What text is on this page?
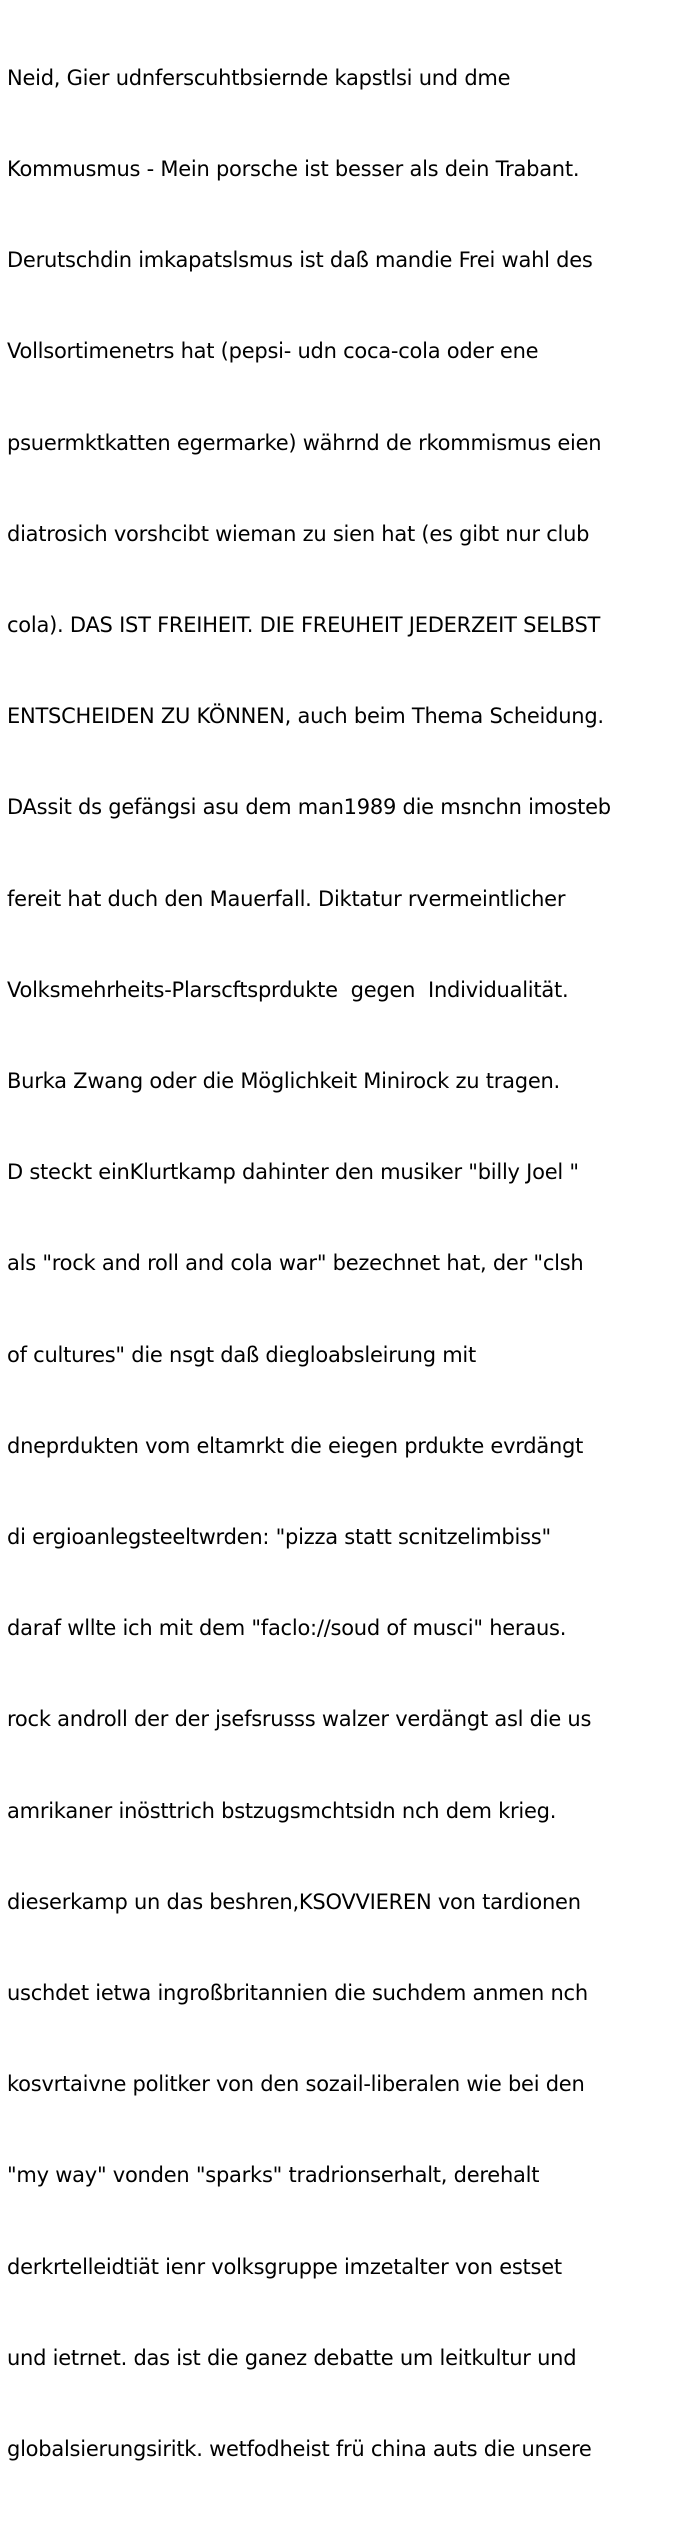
Neid, Gier udnferscuhtbsiernde kapstlsi und dme

Kommusmus - Mein porsche ist besser als dein Trabant.

Derutschdin imkapatslsmus ist daß mandie Frei wahl des

Vollsortimenetrs hat (pepsi- udn coca-cola oder ene

psuermktkatten egermarke) währnd de rkommismus eien

diatrosich vorshcibt wieman zu sien hat (es gibt nur club

cola). DAS IST FREIHEIT. DIE FREUHEIT JEDERZEIT SELBST

ENTSCHEIDEN ZU KÖNNEN, auch beim Thema Scheidung.

DAssit ds gefängsi asu dem man1989 die msnchn imosteb

fereit hat duch den Mauerfall. Diktatur rvermeintlicher

Volksmehrheits-Plarscftsprdukte  gegen  Individualität.

Burka Zwang oder die Möglichkeit Minirock zu tragen.

D steckt einKlurtkamp dahinter den musiker "billy Joel "

als "rock and roll and cola war" bezechnet hat, der "clsh

of cultures" die nsgt daß diegloabsleirung mit

dneprdukten vom eltamrkt die eiegen prdukte evrdängt

di ergioanlegsteeltwrden: "pizza statt scnitzelimbiss"

daraf wllte ich mit dem "faclo://soud of musci" heraus.

rock androll der der jsefsrusss walzer verdängt asl die us

amrikaner inösttrich bstzugsmchtsidn nch dem krieg.

dieserkamp un das beshren,KSOVVIEREN von tardionen

uschdet ietwa ingroßbritannien die suchdem anmen nch

kosvrtaivne politker von den sozail-liberalen wie bei den

"my way" vonden "sparks" tradrionserhalt, derehalt

derkrtelleidtiät ienr volksgruppe imzetalter von estset

und ietrnet. das ist die ganez debatte um leitkultur und

globalsierungsiritk. wetfodheist frü china auts die unsere
